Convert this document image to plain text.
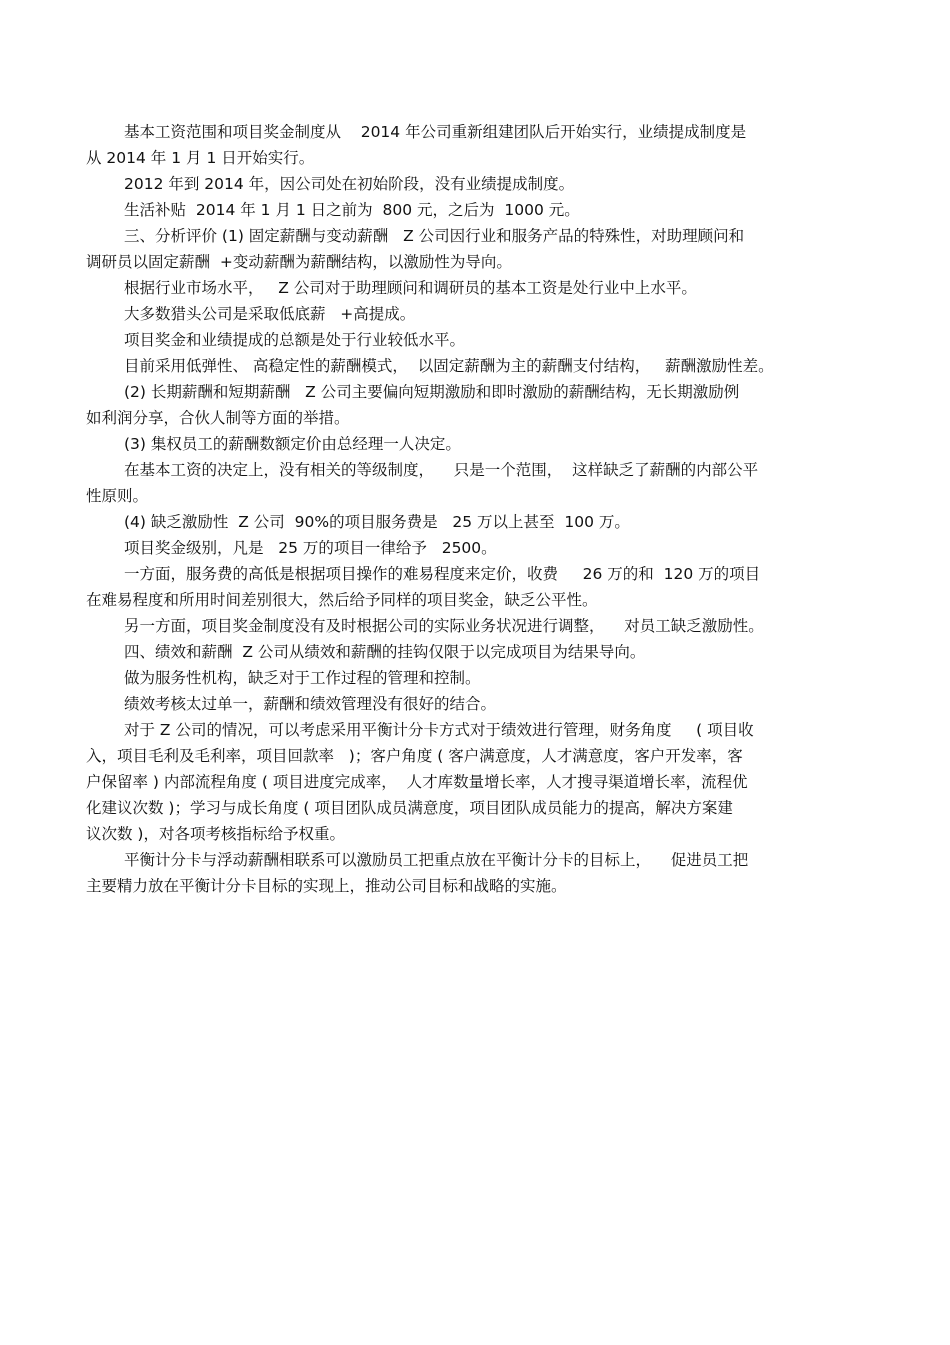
基本工资范围和项目奖金制度从    2014 年公司重新组建团队后开始实行，业绩提成制度是
从 2014 年 1 月 1 日开始实行。
2012 年到 2014 年，因公司处在初始阶段，没有业绩提成制度。
生活补贴  2014 年 1 月 1 日之前为  800 元，之后为  1000 元。
三、分析评价 (1) 固定薪酬与变动薪酬   Z 公司因行业和服务产品的特殊性，对助理顾问和
调研员以固定薪酬  +变动薪酬为薪酬结构，以激励性为导向。
根据行业市场水平，   Z 公司对于助理顾问和调研员的基本工资是处行业中上水平。
大多数猎头公司是采取低底薪   +高提成。
项目奖金和业绩提成的总额是处于行业较低水平。
目前采用低弹性、 高稳定性的薪酬模式，  以固定薪酬为主的薪酬支付结构，   薪酬激励性差。
(2) 长期薪酬和短期薪酬   Z 公司主要偏向短期激励和即时激励的薪酬结构，无长期激励例
如利润分享，合伙人制等方面的举措。
(3) 集权员工的薪酬数额定价由总经理一人决定。
在基本工资的决定上，没有相关的等级制度，    只是一个范围，  这样缺乏了薪酬的内部公平
性原则。
(4) 缺乏激励性  Z 公司  90%的项目服务费是   25 万以上甚至  100 万。
项目奖金级别，凡是   25 万的项目一律给予   2500。
一方面，服务费的高低是根据项目操作的难易程度来定价，收费     26 万的和  120 万的项目
在难易程度和所用时间差别很大，然后给予同样的项目奖金，缺乏公平性。
另一方面，项目奖金制度没有及时根据公司的实际业务状况进行调整，    对员工缺乏激励性。
四、绩效和薪酬  Z 公司从绩效和薪酬的挂钩仅限于以完成项目为结果导向。
做为服务性机构，缺乏对于工作过程的管理和控制。
绩效考核太过单一，薪酬和绩效管理没有很好的结合。
对于 Z 公司的情况，可以考虑采用平衡计分卡方式对于绩效进行管理，财务角度     ( 项目收
入，项目毛利及毛利率，项目回款率   )；客户角度 ( 客户满意度，人才满意度，客户开发率，客
户保留率 ) 内部流程角度 ( 项目进度完成率，  人才库数量增长率，人才搜寻渠道增长率，流程优
化建议次数 )；学习与成长角度 ( 项目团队成员满意度，项目团队成员能力的提高，解决方案建
议次数 )，对各项考核指标给予权重。
平衡计分卡与浮动薪酬相联系可以激励员工把重点放在平衡计分卡的目标上，    促进员工把
主要精力放在平衡计分卡目标的实现上，推动公司目标和战略的实施。
